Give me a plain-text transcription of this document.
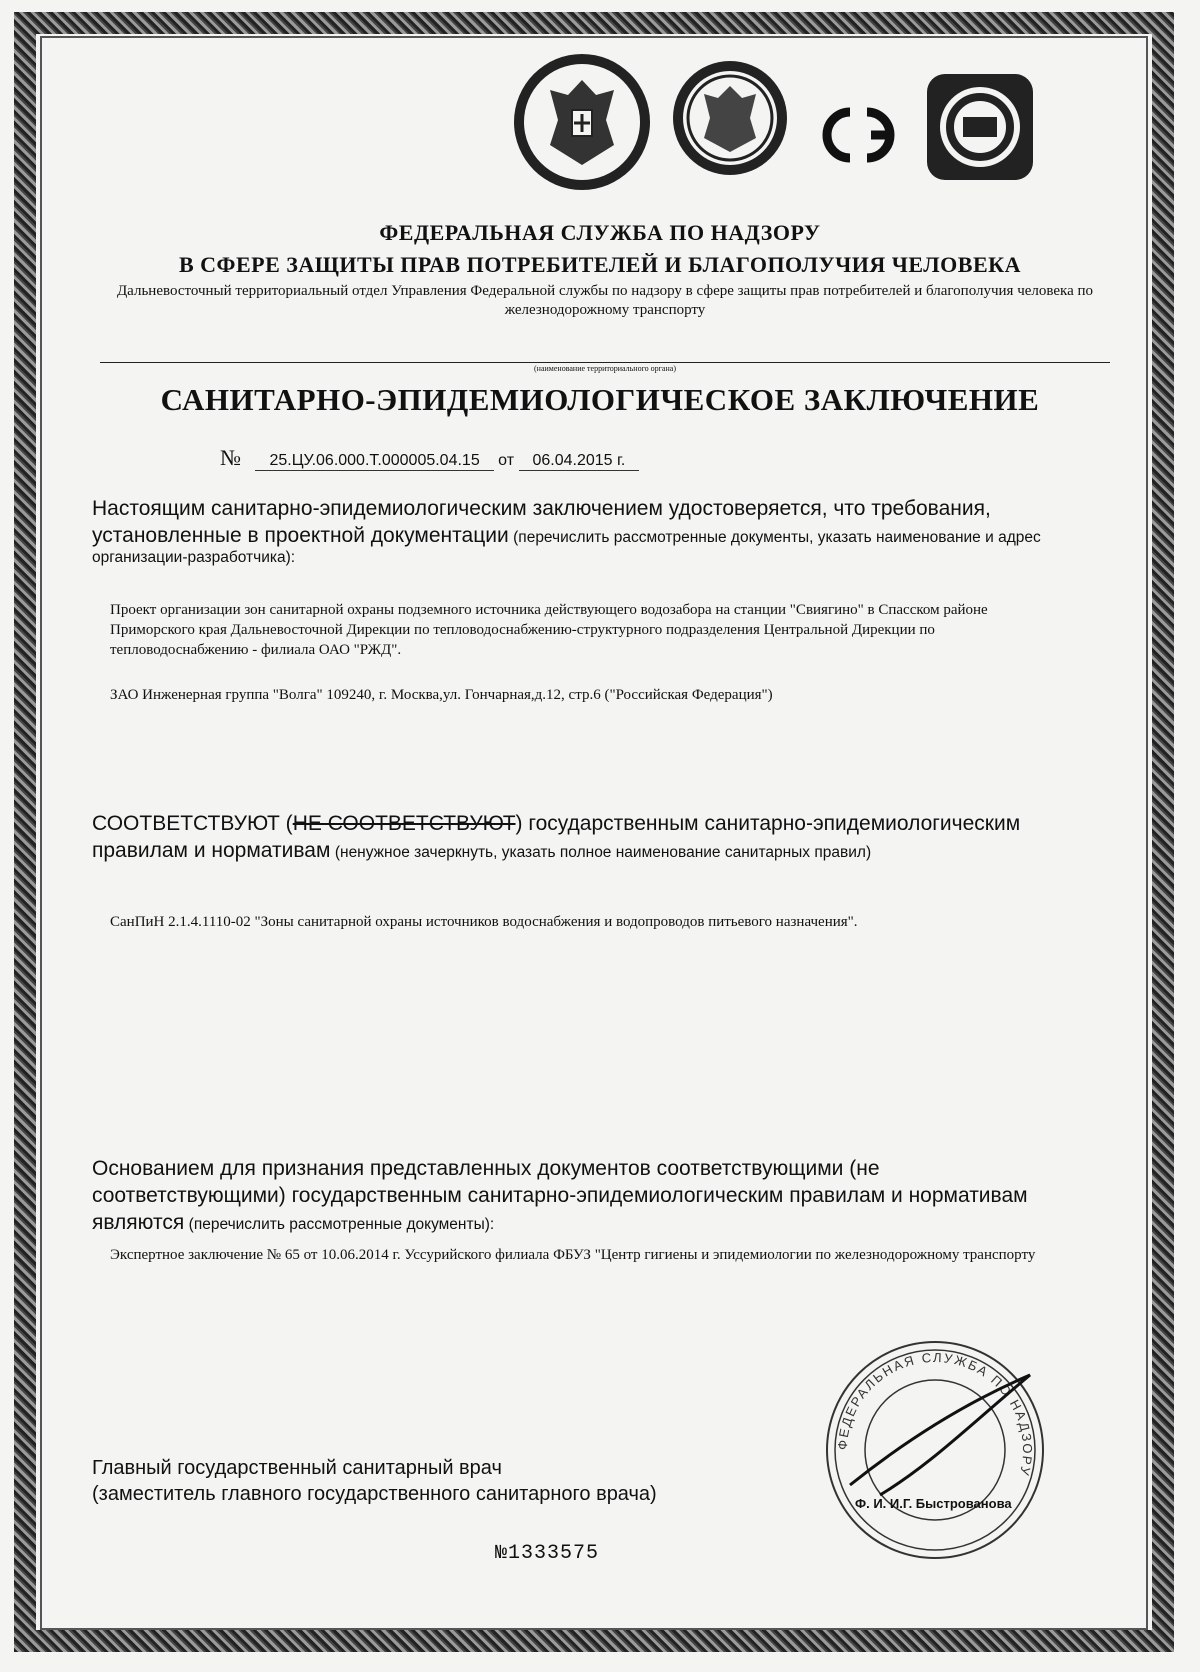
ФЕДЕРАЛЬНАЯ СЛУЖБА ПО НАДЗОРУ
В СФЕРЕ ЗАЩИТЫ ПРАВ ПОТРЕБИТЕЛЕЙ И БЛАГОПОЛУЧИЯ ЧЕЛОВЕКА
Дальневосточный территориальный отдел Управления Федеральной службы по надзору в сфере защиты прав потребителей и благополучия человека по железнодорожному транспорту
(наименование территориального органа)
САНИТАРНО-ЭПИДЕМИОЛОГИЧЕСКОЕ ЗАКЛЮЧЕНИЕ
№ 25.ЦУ.06.000.Т.000005.04.15 от 06.04.2015 г.
Настоящим санитарно-эпидемиологическим заключением удостоверяется, что требования, установленные в проектной документации (перечислить рассмотренные документы, указать наименование и адрес организации-разработчика):
Проект организации зон санитарной охраны подземного источника действующего водозабора на станции "Свиягино" в Спасском районе Приморского края Дальневосточной Дирекции по тепловодоснабжению-структурного подразделения Центральной Дирекции по тепловодоснабжению - филиала ОАО "РЖД".
ЗАО Инженерная группа "Волга" 109240, г. Москва,ул. Гончарная,д.12, стр.6 ("Российская Федерация")
СООТВЕТСТВУЮТ (НЕ СООТВЕТСТВУЮТ) государственным санитарно-эпидемиологическим правилам и нормативам (ненужное зачеркнуть, указать полное наименование санитарных правил)
СанПиН 2.1.4.1110-02 "Зоны санитарной охраны источников водоснабжения и водопроводов питьевого назначения".
Основанием для признания представленных документов соответствующими (не соответствующими) государственным санитарно-эпидемиологическим правилам и нормативам являются (перечислить рассмотренные документы):
Экспертное заключение № 65 от 10.06.2014 г. Уссурийского филиала ФБУЗ "Центр гигиены и эпидемиологии по железнодорожному транспорту
ФЕДЕРАЛЬНАЯ СЛУЖБА ПО НАДЗОРУ
Главный государственный санитарный врач
(заместитель главного государственного санитарного врача)	Ф. И. И.Г. Быстрованова
№1333575
